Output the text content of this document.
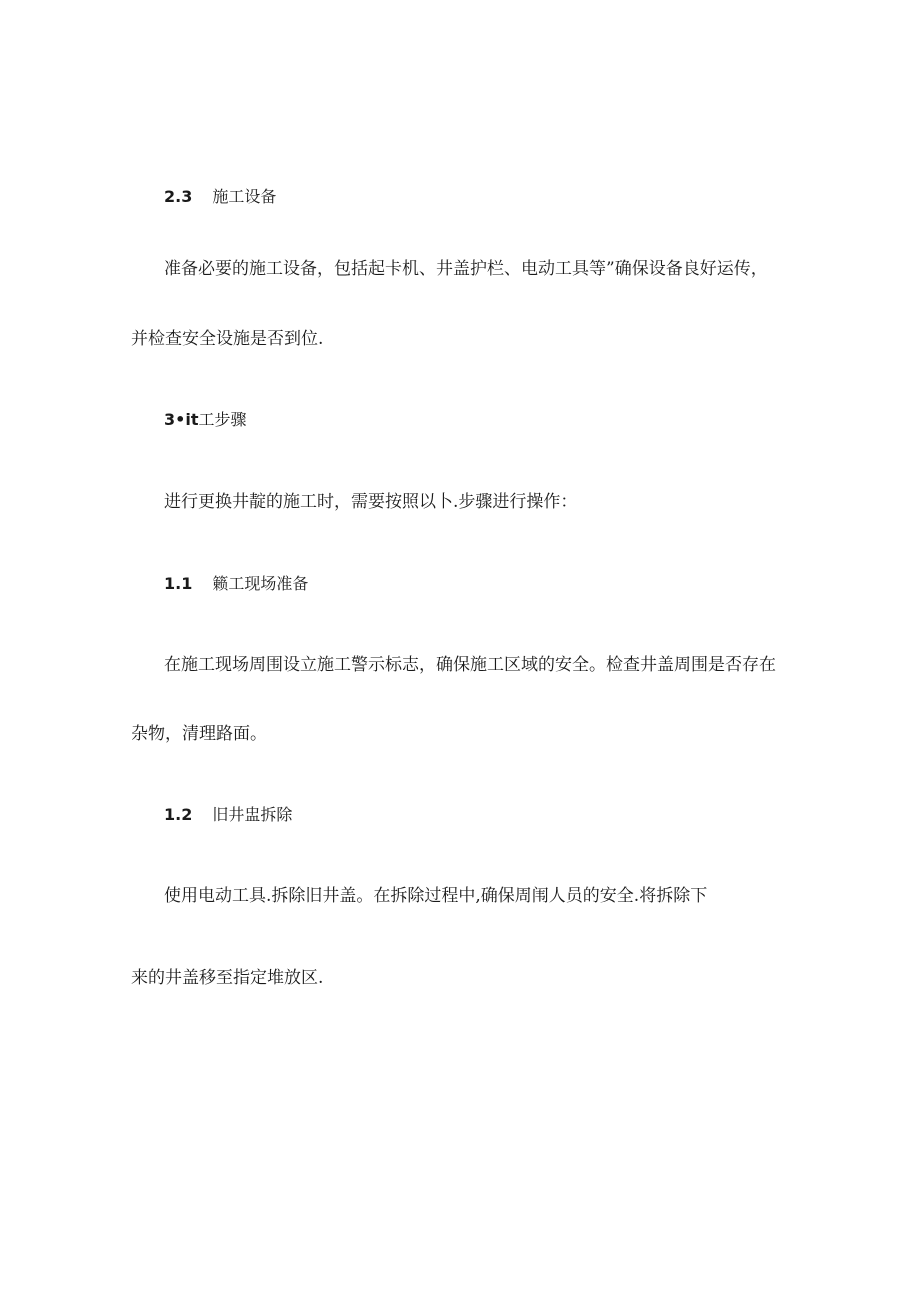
2.3 施工设备
准备必要的施工设备，包括起卡机、井盖护栏、电动工具等”确保设备良好运传，
并检查安全设施是否到位.
3•it工步骤
进行更换井靛的施工时，需要按照以卜.步骤进行操作：
1.1 籁工现场准备
在施工现场周围设立施工警示标志，确保施工区域的安全。检查井盖周围是否存在
杂物，清理路面。
1.2 旧井盅拆除
使用电动工具.拆除旧井盖。在拆除过程中,确保周闱人员的安全.将拆除下
来的井盖移至指定堆放区.
